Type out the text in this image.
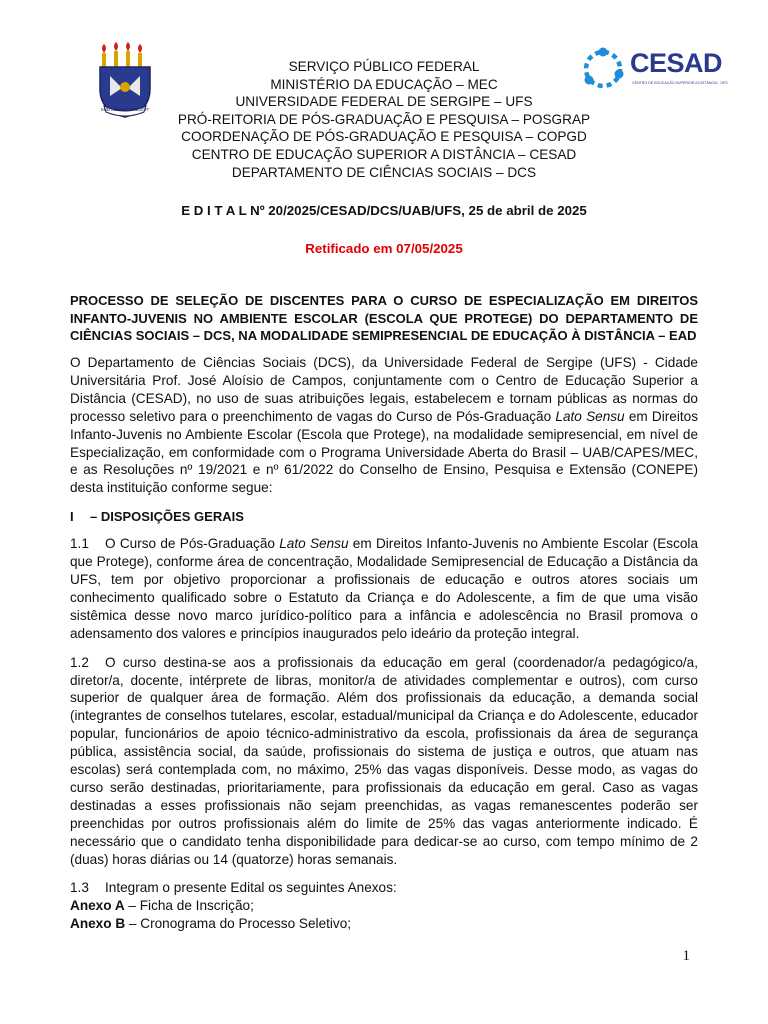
SUB LUMINE CRESCIT
CESAD
CENTRO DE EDUCAÇÃO SUPERIOR A DISTÂNCIA · UFS
SERVIÇO PÚBLICO FEDERAL
MINISTÉRIO DA EDUCAÇÃO – MEC
UNIVERSIDADE FEDERAL DE SERGIPE – UFS
PRÓ-REITORIA DE PÓS-GRADUAÇÃO E PESQUISA – POSGRAP
COORDENAÇÃO DE PÓS-GRADUAÇÃO E PESQUISA – COPGD
CENTRO DE EDUCAÇÃO SUPERIOR A DISTÂNCIA – CESAD
DEPARTAMENTO DE CIÊNCIAS SOCIAIS – DCS
E D I T A L Nº 20/2025/CESAD/DCS/UAB/UFS, 25 de abril de 2025
Retificado em 07/05/2025
PROCESSO DE SELEÇÃO DE DISCENTES PARA O CURSO DE ESPECIALIZAÇÃO EM DIREITOS INFANTO-JUVENIS NO AMBIENTE ESCOLAR (ESCOLA QUE PROTEGE) DO DEPARTAMENTO DE CIÊNCIAS SOCIAIS – DCS, NA MODALIDADE SEMIPRESENCIAL DE EDUCAÇÃO À DISTÂNCIA – EAD

O Departamento de Ciências Sociais (DCS), da Universidade Federal de Sergipe (UFS) - Cidade Universitária Prof. José Aloísio de Campos, conjuntamente com o Centro de Educação Superior a Distância (CESAD), no uso de suas atribuições legais, estabelecem e tornam públicas as normas do processo seletivo para o preenchimento de vagas do Curso de Pós-Graduação Lato Sensu em Direitos Infanto-Juvenis no Ambiente Escolar (Escola que Protege), na modalidade semipresencial, em nível de Especialização, em conformidade com o Programa Universidade Aberta do Brasil – UAB/CAPES/MEC, e as Resoluções nº 19/2021 e nº 61/2022 do Conselho de Ensino, Pesquisa e Extensão (CONEPE) desta instituição conforme segue:

I – DISPOSIÇÕES GERAIS

1.1 O Curso de Pós-Graduação Lato Sensu em Direitos Infanto-Juvenis no Ambiente Escolar (Escola que Protege), conforme área de concentração, Modalidade Semipresencial de Educação a Distância da UFS, tem por objetivo proporcionar a profissionais de educação e outros atores sociais um conhecimento qualificado sobre o Estatuto da Criança e do Adolescente, a fim de que uma visão sistêmica desse novo marco jurídico-político para a infância e adolescência no Brasil promova o adensamento dos valores e princípios inaugurados pelo ideário da proteção integral.

1.2 O curso destina-se aos a profissionais da educação em geral (coordenador/a pedagógico/a, diretor/a, docente, intérprete de libras, monitor/a de atividades complementar e outros), com curso superior de qualquer área de formação. Além dos profissionais da educação, a demanda social (integrantes de conselhos tutelares, escolar, estadual/municipal da Criança e do Adolescente, educador popular, funcionários de apoio técnico-administrativo da escola, profissionais da área de segurança pública, assistência social, da saúde, profissionais do sistema de justiça e outros, que atuam nas escolas) será contemplada com, no máximo, 25% das vagas disponíveis. Desse modo, as vagas do curso serão destinadas, prioritariamente, para profissionais da educação em geral. Caso as vagas destinadas a esses profissionais não sejam preenchidas, as vagas remanescentes poderão ser preenchidas por outros profissionais além do limite de 25% das vagas anteriormente indicado. É necessário que o candidato tenha disponibilidade para dedicar-se ao curso, com tempo mínimo de 2 (duas) horas diárias ou 14 (quatorze) horas semanais.

1.3 Integram o presente Edital os seguintes Anexos:

Anexo A – Ficha de Inscrição;

Anexo B – Cronograma do Processo Seletivo;

1
